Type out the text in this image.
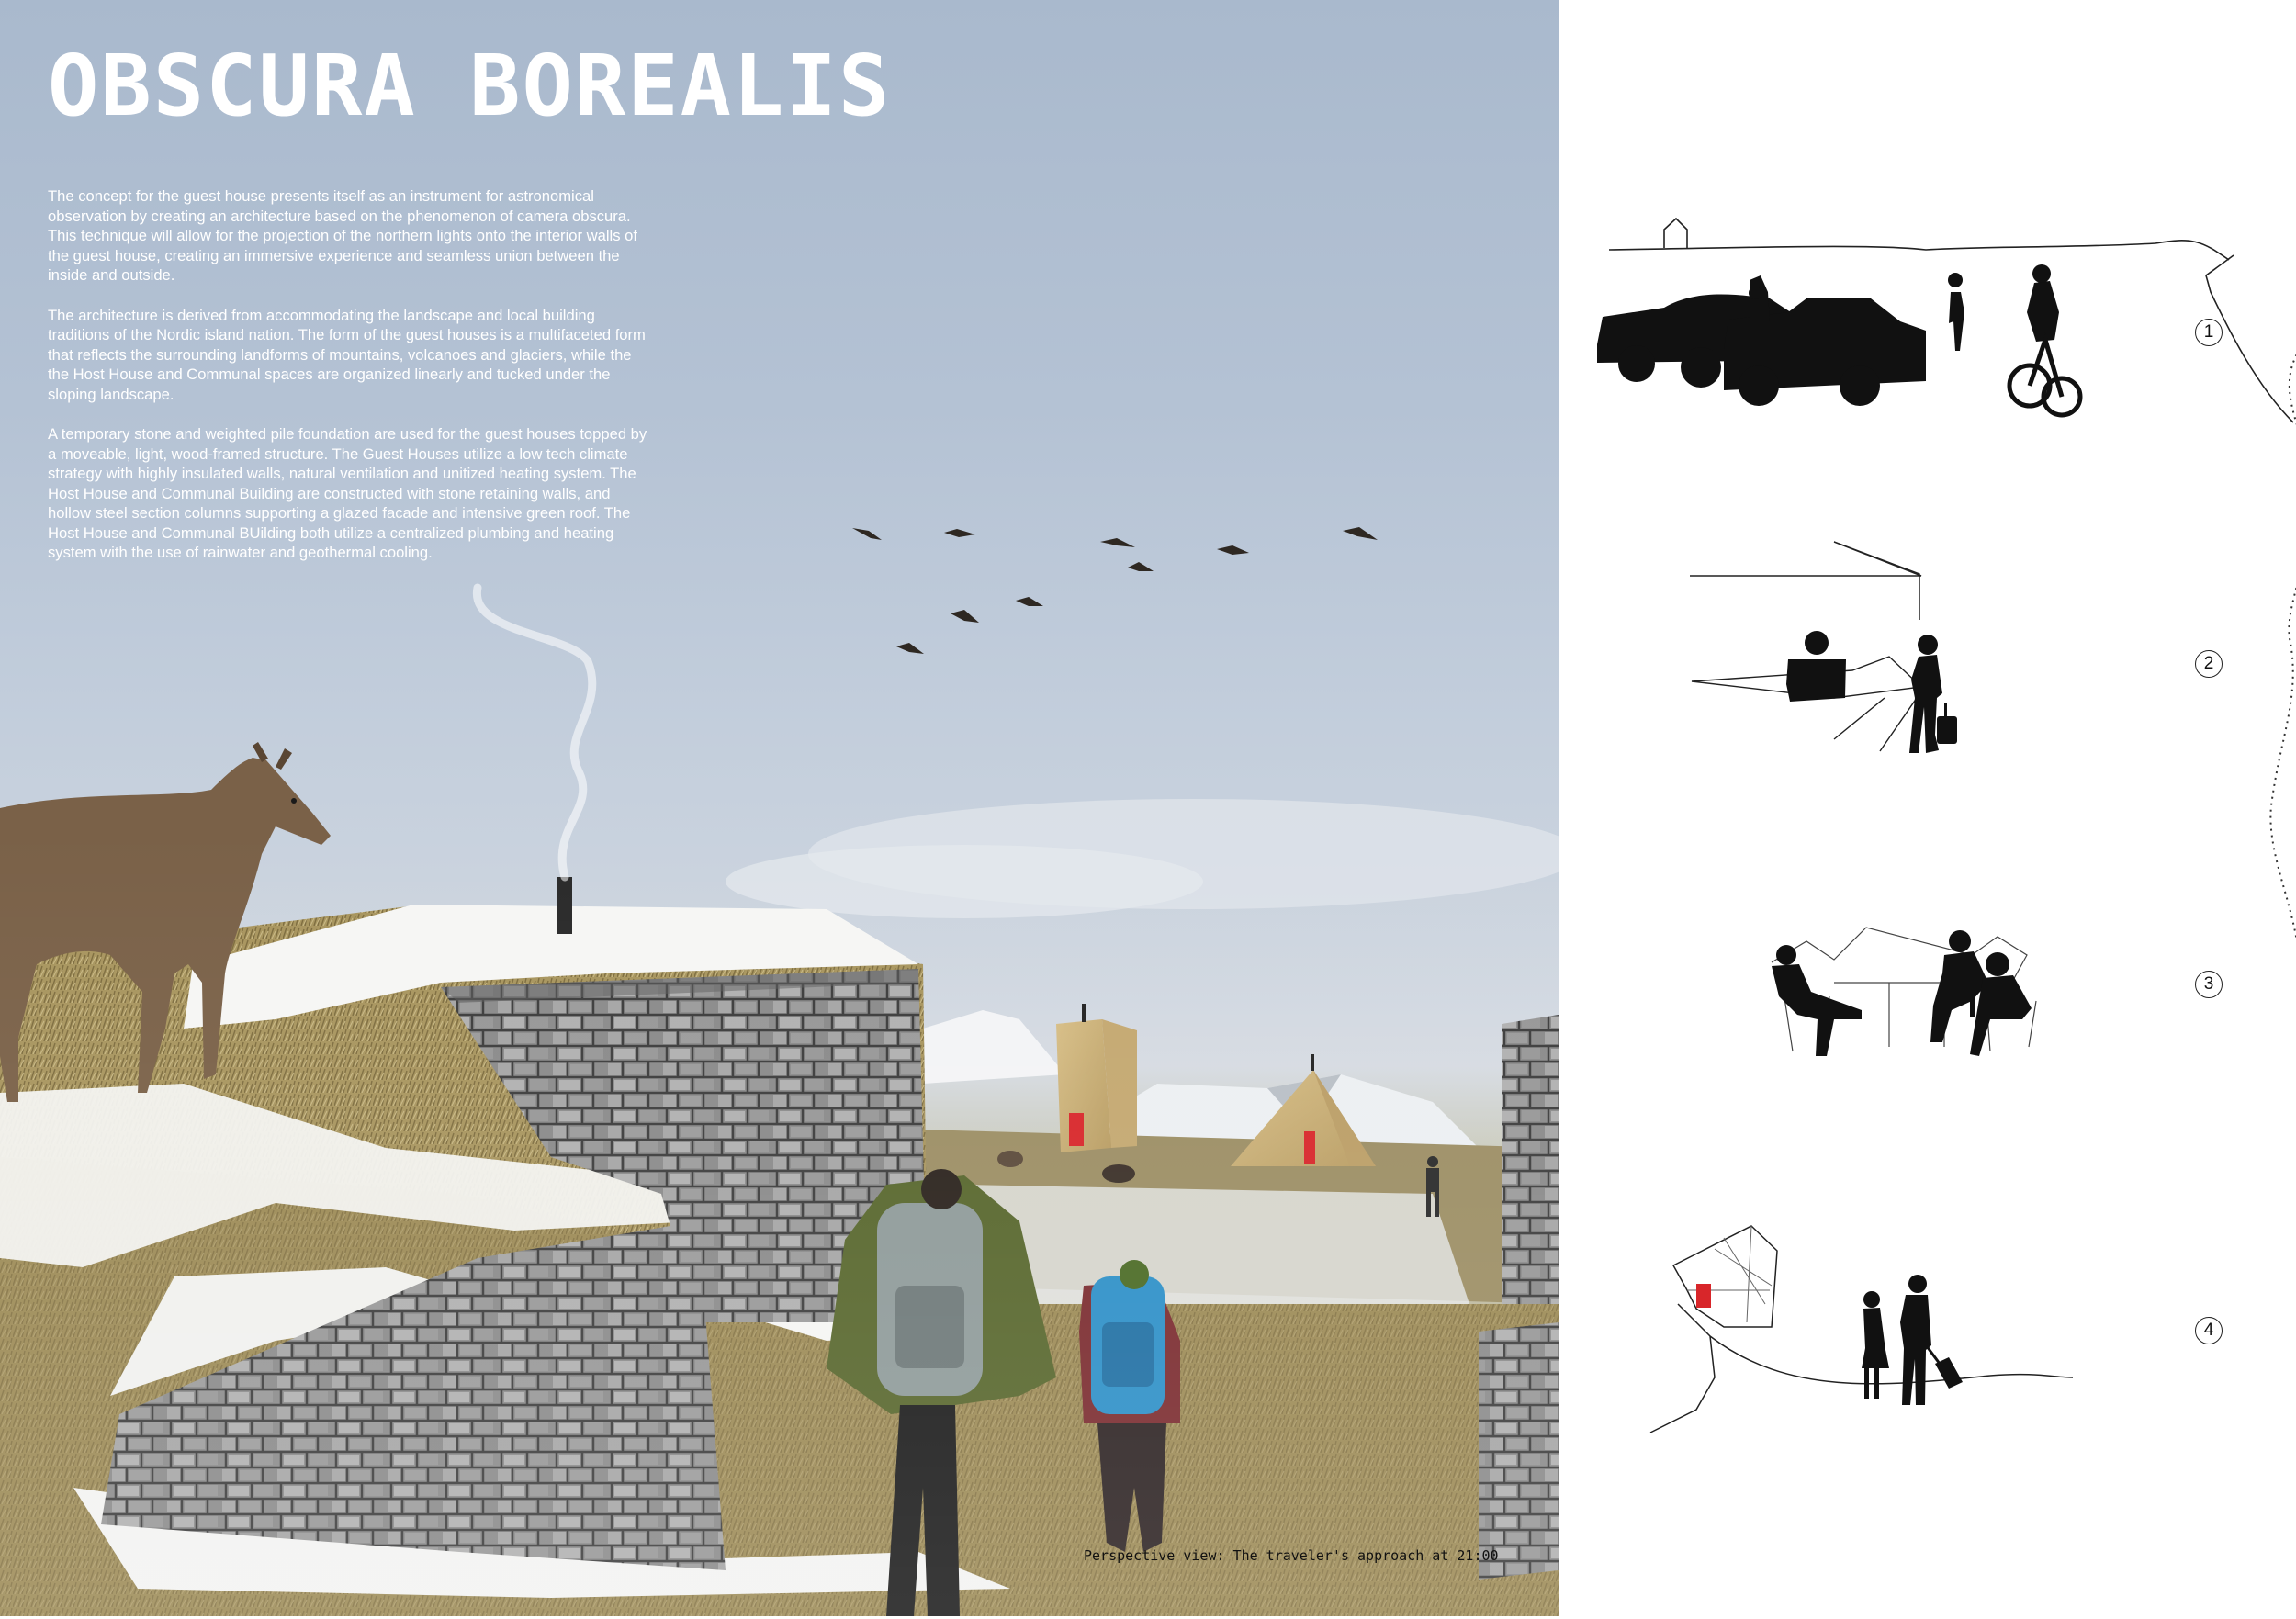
OBSCURA BOREALIS

The concept for the guest house presents itself as an instrument for astronomical observation by creating an architecture based on the phenomenon of camera obscura. This technique will allow for the projection of the northern lights onto the interior walls of the guest house, creating an immersive experience and seamless union between the inside and outside.

The architecture is derived from accommodating the landscape and local building traditions of the Nordic island nation. The form of the guest houses is a multifaceted form that reflects the surrounding landforms of mountains, volcanoes and glaciers, while the the Host House and Communal spaces are organized linearly and tucked under the sloping landscape.

A temporary stone and weighted pile foundation are used for the guest houses topped by a moveable, light, wood-framed structure. The Guest Houses utilize a low tech climate strategy with highly insulated walls, natural ventilation and unitized heating system. The Host House and Communal Building are constructed with stone retaining walls, and hollow steel section columns supporting a glazed facade and intensive green roof. The Host House and Communal BUilding both utilize a centralized plumbing and heating system with the use of rainwater and geothermal cooling.

Perspective view: The traveler's approach at 21:00
1
2
3
4
